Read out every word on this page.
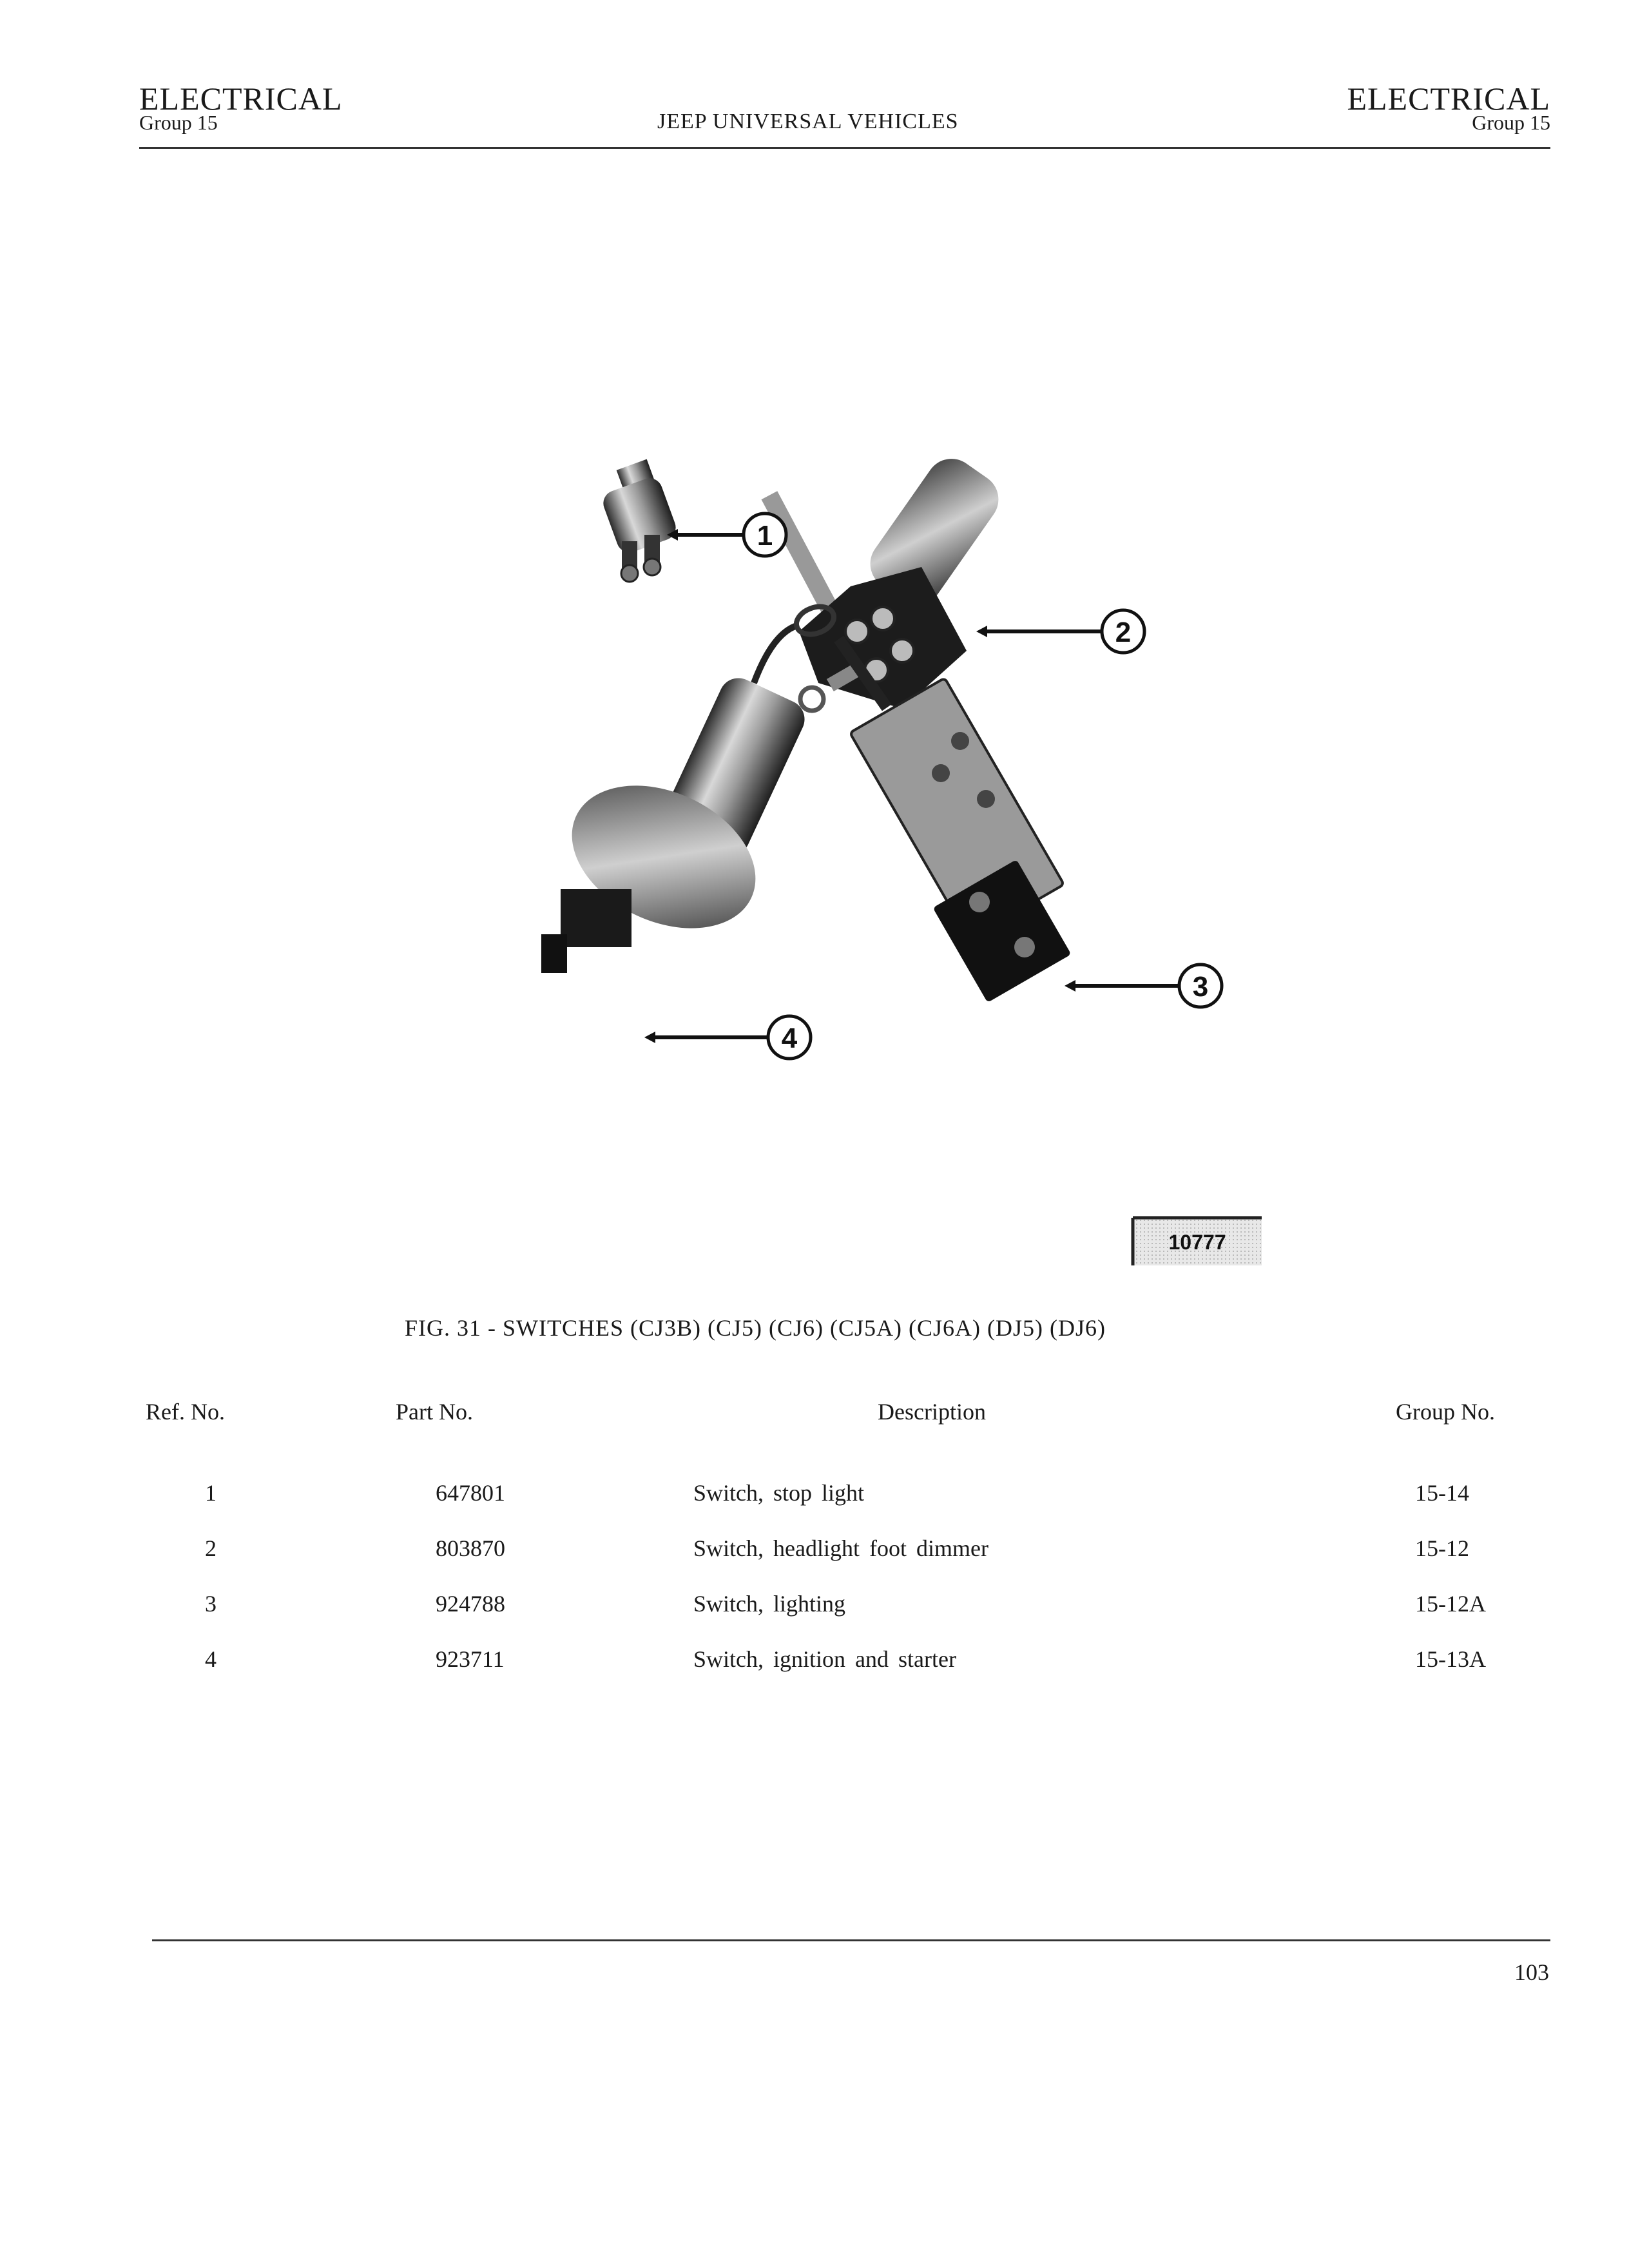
ELECTRICAL
Group 15	JEEP UNIVERSAL VEHICLES
ELECTRICAL
Group 15
1
2
3
4
10777
FIG. 31 - SWITCHES (CJ3B) (CJ5) (CJ6) (CJ5A) (CJ6A) (DJ5) (DJ6)
Ref. No.	Part No.	Description	Group No.
1	647801	Switch, stop light	15-14
2	803870	Switch, headlight foot dimmer	15-12
3	924788	Switch, lighting	15-12A
4	923711	Switch, ignition and starter	15-13A
103
